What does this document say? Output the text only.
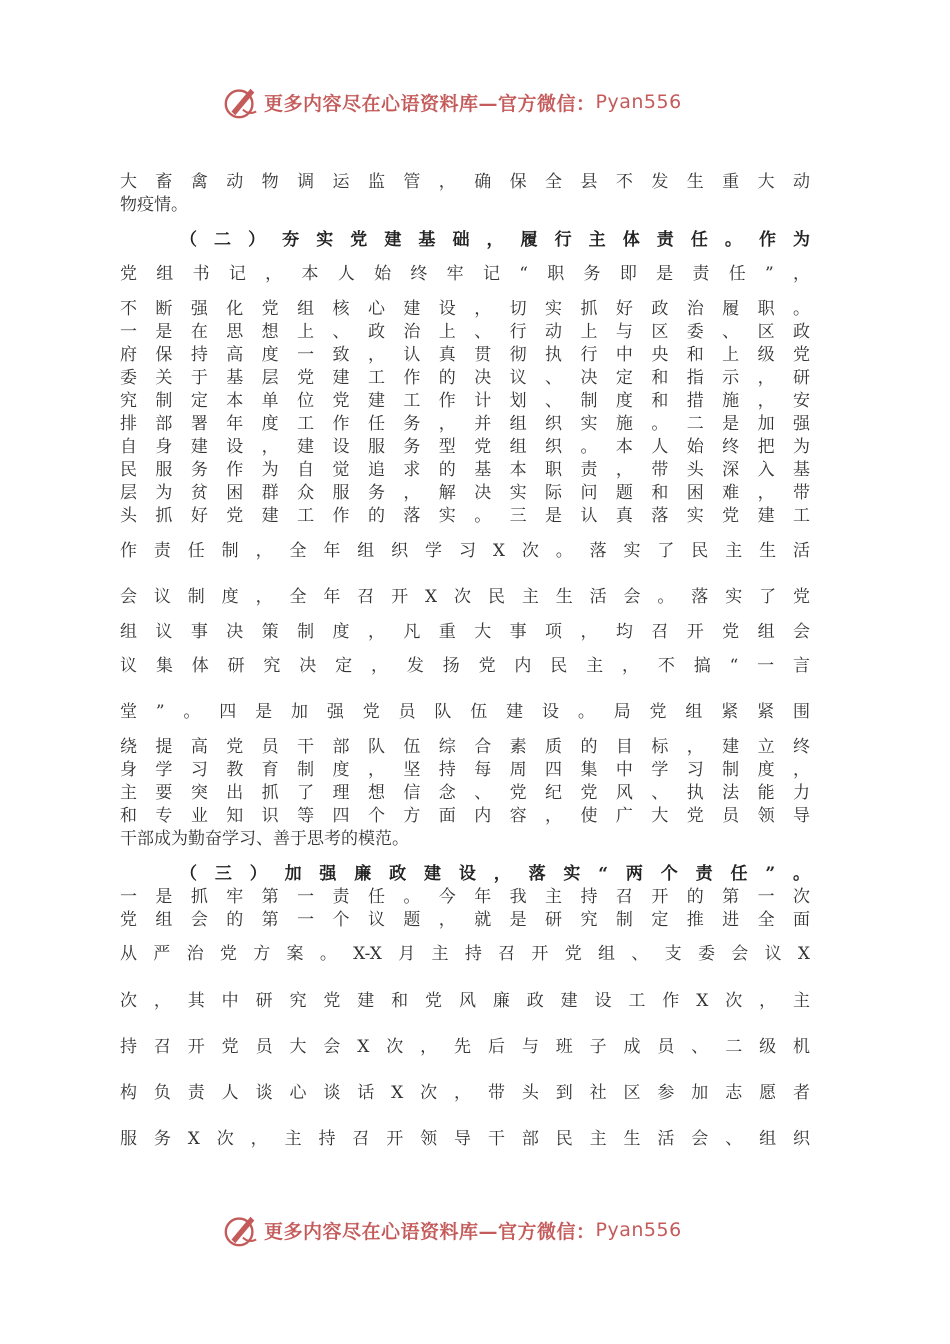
更多内容尽在心语资料库—官方微信： Pyan556
大畜禽动物调运监管，确保全县不发生重大动
物疫情。
（二）夯实党建基础，履行主体责任。作为
党组书记，本人始终牢记“职务即是责任”，
不断强化党组核心建设，切实抓好政治履职。
一是在思想上、政治上、行动上与区委、区政
府保持高度一致，认真贯彻执行中央和上级党
委关于基层党建工作的决议、决定和指示，研
究制定本单位党建工作计划、制度和措施，安
排部署年度工作任务，并组织实施。二是加强
自身建设，建设服务型党组织。本人始终把为
民服务作为自觉追求的基本职责，带头深入基
层为贫困群众服务，解决实际问题和困难，带
头抓好党建工作的落实。三是认真落实党建工
作责任制，全年组织学习X次。落实了民主生活
会议制度，全年召开X次民主生活会。落实了党
组议事决策制度，凡重大事项，均召开党组会
议集体研究决定，发扬党内民主，不搞“一言
堂”。四是加强党员队伍建设。局党组紧紧围
绕提高党员干部队伍综合素质的目标，建立终
身学习教育制度，坚持每周四集中学习制度，
主要突出抓了理想信念、党纪党风、执法能力
和专业知识等四个方面内容，使广大党员领导
干部成为勤奋学习、善于思考的模范。
（三）加强廉政建设，落实“两个责任”。
一是抓牢第一责任。今年我主持召开的第一次
党组会的第一个议题，就是研究制定推进全面
从严治党方案。X-X月主持召开党组、支委会议X
次，其中研究党建和党风廉政建设工作X次，主
持召开党员大会X次，先后与班子成员、二级机
构负责人谈心谈话X次，带头到社区参加志愿者
服务X次，主持召开领导干部民主生活会、组织
更多内容尽在心语资料库—官方微信： Pyan556
